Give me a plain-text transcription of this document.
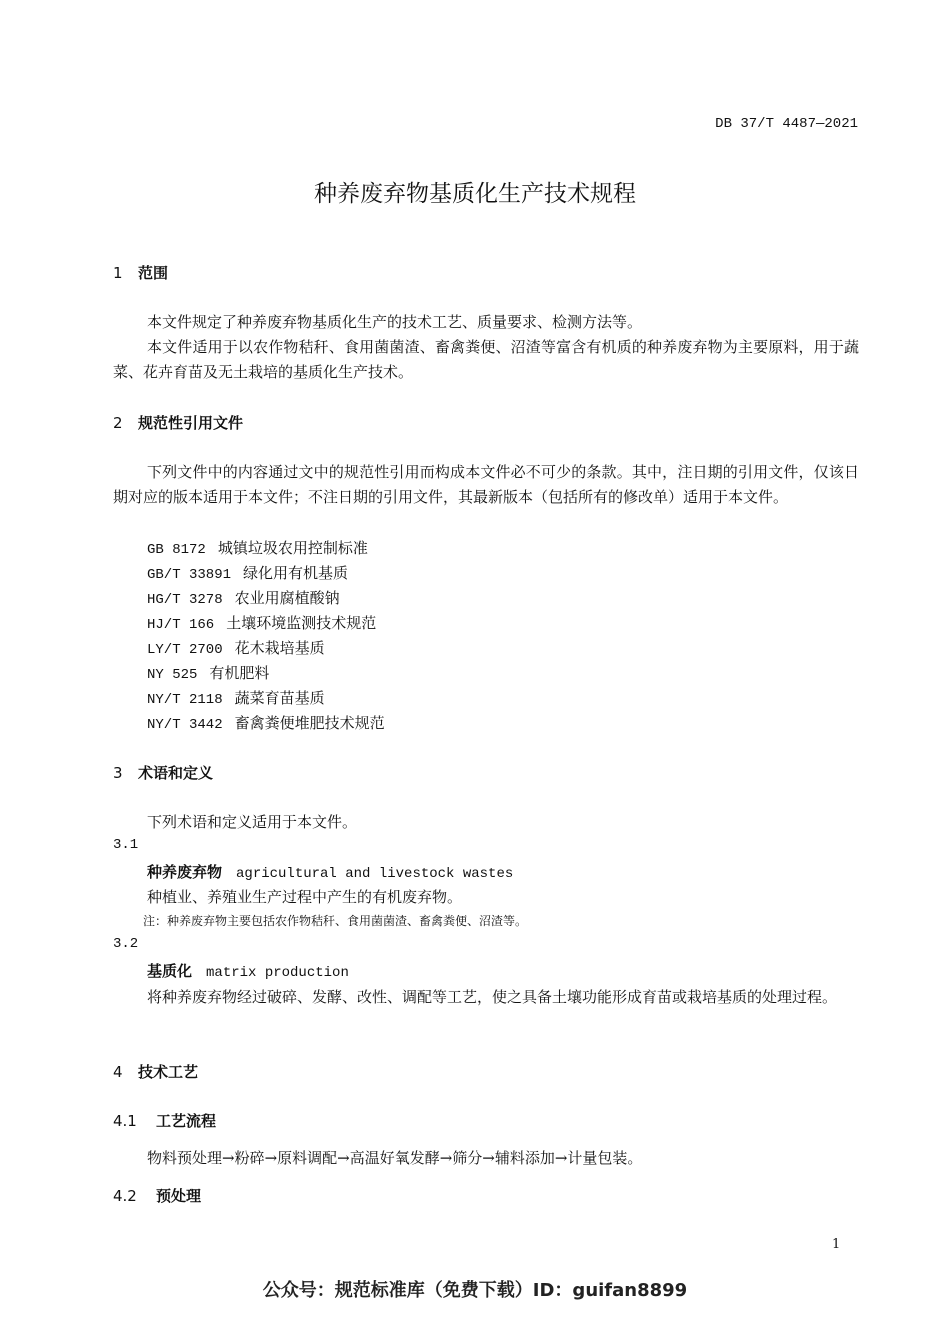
DB 37/T 4487—2021
种养废弃物基质化生产技术规程
1 范围
本文件规定了种养废弃物基质化生产的技术工艺、质量要求、检测方法等。
本文件适用于以农作物秸秆、食用菌菌渣、畜禽粪便、沼渣等富含有机质的种养废弃物为主要原料，用于蔬菜、花卉育苗及无土栽培的基质化生产技术。
2 规范性引用文件
下列文件中的内容通过文中的规范性引用而构成本文件必不可少的条款。其中，注日期的引用文件，仅该日期对应的版本适用于本文件；不注日期的引用文件，其最新版本（包括所有的修改单）适用于本文件。
GB 8172 城镇垃圾农用控制标准
GB/T 33891 绿化用有机基质
HG/T 3278 农业用腐植酸钠
HJ/T 166 土壤环境监测技术规范
LY/T 2700 花木栽培基质
NY 525 有机肥料
NY/T 2118 蔬菜育苗基质
NY/T 3442 畜禽粪便堆肥技术规范
3 术语和定义
下列术语和定义适用于本文件。
3.1
种养废弃物 agricultural and livestock wastes
种植业、养殖业生产过程中产生的有机废弃物。
注：种养废弃物主要包括农作物秸秆、食用菌菌渣、畜禽粪便、沼渣等。
3.2
基质化 matrix production
将种养废弃物经过破碎、发酵、改性、调配等工艺，使之具备土壤功能形成育苗或栽培基质的处理过程。
4 技术工艺
4.1 工艺流程
物料预处理→粉碎→原料调配→高温好氧发酵→筛分→辅料添加→计量包装。
4.2 预处理
1
公众号：规范标准库（免费下载）ID：guifan8899
